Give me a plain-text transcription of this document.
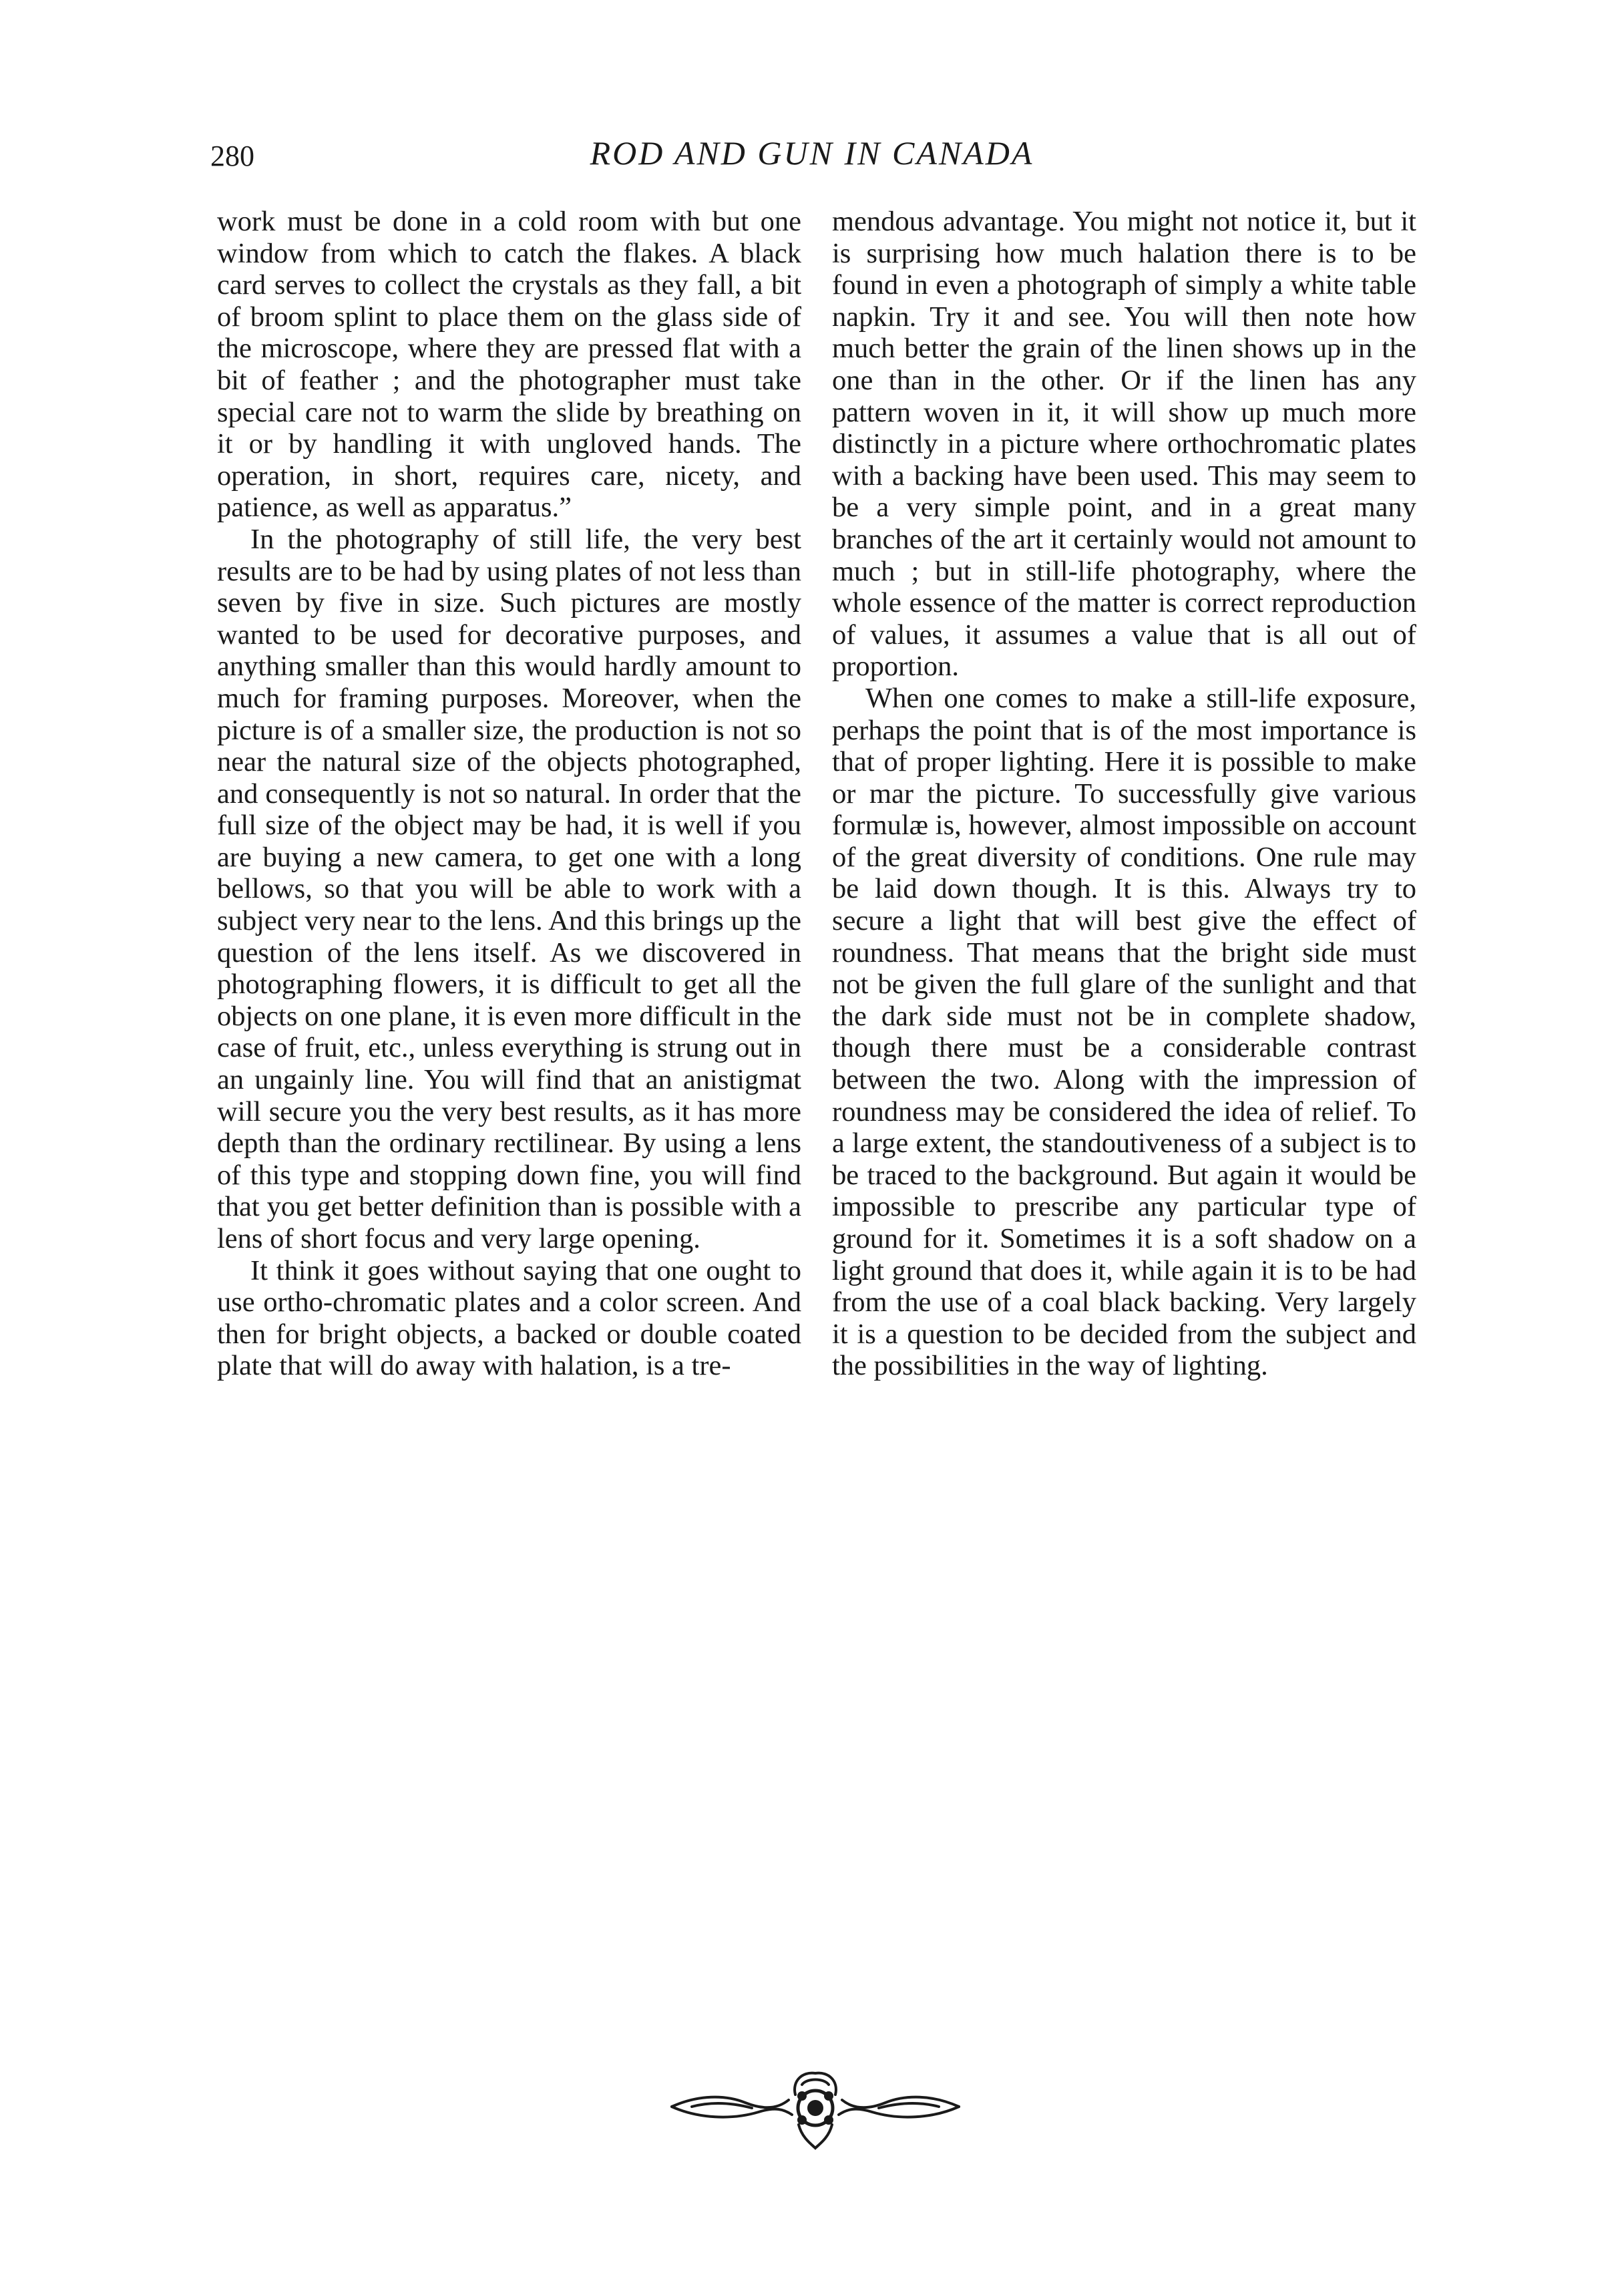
280	ROD AND GUN IN CANADA

work must be done in a cold room with but one window from which to catch the flakes. A black card serves to collect the crystals as they fall, a bit of broom splint to place them on the glass side of the microscope, where they are pressed flat with a bit of feather ; and the photographer must take special care not to warm the slide by breathing on it or by handling it with ungloved hands. The operation, in short, requires care, nicety, and patience, as well as apparatus.”

In the photography of still life, the very best results are to be had by using plates of not less than seven by five in size. Such pictures are mostly wanted to be used for decorative purposes, and anything smaller than this would hardly amount to much for framing purposes. Moreover, when the picture is of a smaller size, the production is not so near the natural size of the objects photographed, and consequently is not so natural. In order that the full size of the object may be had, it is well if you are buying a new camera, to get one with a long bellows, so that you will be able to work with a subject very near to the lens. And this brings up the question of the lens itself. As we discovered in photographing flowers, it is difficult to get all the objects on one plane, it is even more difficult in the case of fruit, etc., unless everything is strung out in an ungainly line. You will find that an anistigmat will secure you the very best results, as it has more depth than the ordinary rectilinear. By using a lens of this type and stopping down fine, you will find that you get better definition than is possible with a lens of short focus and very large opening.

It think it goes without saying that one ought to use ortho-chromatic plates and a color screen. And then for bright objects, a backed or double coated plate that will do away with halation, is a tre-

mendous advantage. You might not notice it, but it is surprising how much halation there is to be found in even a photograph of simply a white table napkin. Try it and see. You will then note how much better the grain of the linen shows up in the one than in the other. Or if the linen has any pattern woven in it, it will show up much more distinctly in a picture where orthochromatic plates with a backing have been used. This may seem to be a very simple point, and in a great many branches of the art it certainly would not amount to much ; but in still-life photography, where the whole essence of the matter is correct reproduction of values, it assumes a value that is all out of proportion.

When one comes to make a still-life exposure, perhaps the point that is of the most importance is that of proper lighting. Here it is possible to make or mar the picture. To successfully give various formulæ is, however, almost impossible on account of the great diversity of conditions. One rule may be laid down though. It is this. Always try to secure a light that will best give the effect of roundness. That means that the bright side must not be given the full glare of the sunlight and that the dark side must not be in complete shadow, though there must be a considerable contrast between the two. Along with the impression of roundness may be considered the idea of relief. To a large extent, the standoutiveness of a subject is to be traced to the background. But again it would be impossible to prescribe any particular type of ground for it. Sometimes it is a soft shadow on a light ground that does it, while again it is to be had from the use of a coal black backing. Very largely it is a question to be decided from the subject and the possibilities in the way of lighting.
